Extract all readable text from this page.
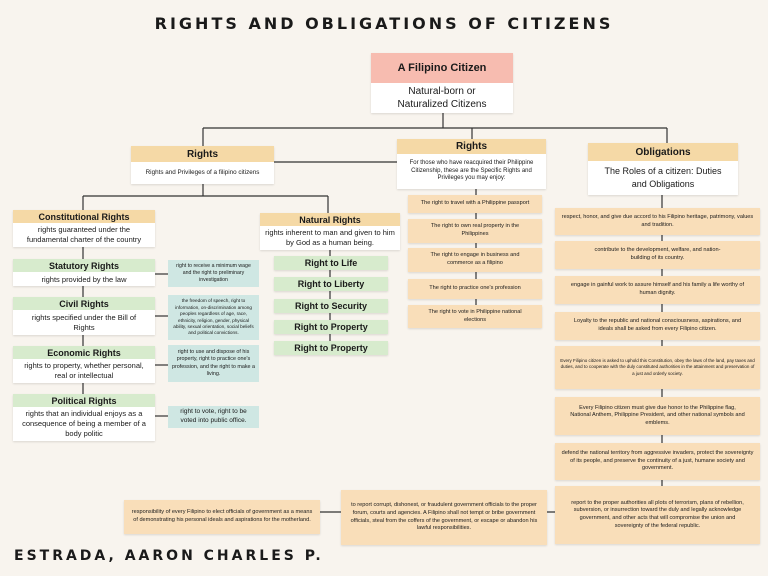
RIGHTS AND OBLIGATIONS OF CITIZENS
A Filipino Citizen
Natural-born or Naturalized Citizens
Rights
Rights and Privileges of a filipino citizens
Rights
For those who have reacquired their Philippine Citizenship, these are the Specific Rights and Privileges you may enjoy:
Obligations
The Roles of a citizen: Duties and Obligations
Constitutional Rights
rights guaranteed under the fundamental charter of the country
Statutory Rights
rights provided by the law
right to receive a minimum wage and the right to preliminary investigation
Civil Rights
rights specified under the Bill of Rights
the freedom of speech, right to information, on-discrimination among peoples regardless of age, race, ethnicity, religion, gender, physical ability, sexual orientation, social beliefs and political convictions.
Economic Rights
rights to property, whether personal, real or intellectual
right to use and dispose of his property, right to practice one's profession, and the right to make a living.
Political Rights
rights that an individual enjoys as a consequence of being a member of a body politic
right to vote, right to be voted into public office.
Natural Rights
rights inherent to man and given to him by God as a human being.
Right to Life
Right to Liberty
Right to Security
Right to Property
Right to Property
The right to travel with a Philippine passport
The right to own real property in the Philippines
The right to engage in business and commerce as a filipino
The right to practice one's profession
The right to vote in Philippine national elections
respect, honor, and give due accord to his Filipino heritage, patrimony, values and tradition.
contribute to the development, welfare, and nation-building of its country.
engage in gainful work to assure himself and his family a life worthy of human dignity.
Loyalty to the republic and national consciousness, aspirations, and ideals shall be asked from every Filipino citizen.
Every Filipino citizen is asked to uphold this Constitution, obey the laws of the land, pay taxes and duties, and to cooperate with the duly constituted authorities in the attainment and preservation of a just and orderly society.
Every Filipino citizen must give due honor to the Philippine flag, National Anthem, Philippine President, and other national symbols and emblems.
defend the national territory from aggressive invaders, protect the sovereignty of its people, and preserve the continuity of a just, humane society and government.
report to the proper authorities all plots of terrorism, plans of rebellion, subversion, or insurrection toward the duly and legally acknowledge government, and other acts that will compromise the union and sovereignty of the federal republic.
to report corrupt, dishonest, or fraudulent government officials to the proper forum, courts and agencies. A Filipino shall not tempt or bribe government officials, steal from the coffers of the government, or escape or abandon his lawful responsibilities.
responsibility of every Filipino to elect officials of government as a means of demonstrating his personal ideals and aspirations for the motherland.
ESTRADA, AARON CHARLES P.
